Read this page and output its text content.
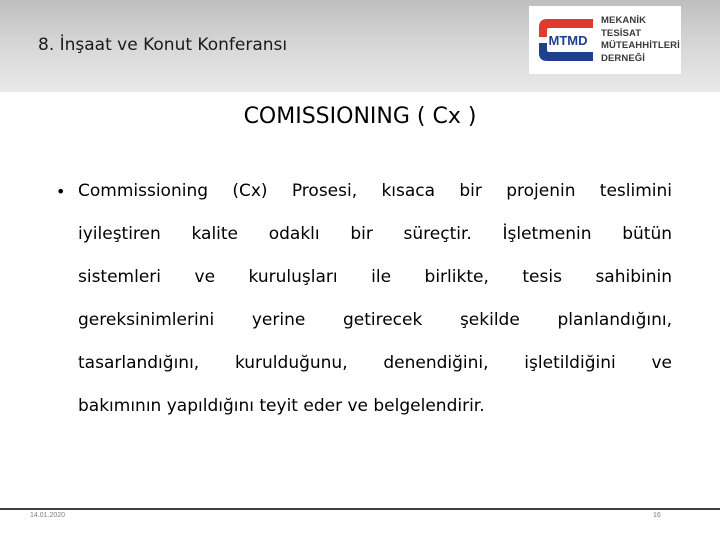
8. İnşaat ve Konut Konferansı	MTMD
MEKANİK
TESİSAT
MÜTEAHHİTLERİ
DERNEĞİ
COMISSIONING ( Cx )
• Commissioning (Cx) Prosesi, kısaca bir projenin teslimini
iyileştiren kalite odaklı bir süreçtir. İşletmenin bütün
sistemleri ve kuruluşları ile birlikte, tesis sahibinin
gereksinimlerini yerine getirecek şekilde planlandığını,
tasarlandığını, kurulduğunu, denendiğini, işletildiğini ve
bakımının yapıldığını teyit eder ve belgelendirir.
14.01.2020	16
